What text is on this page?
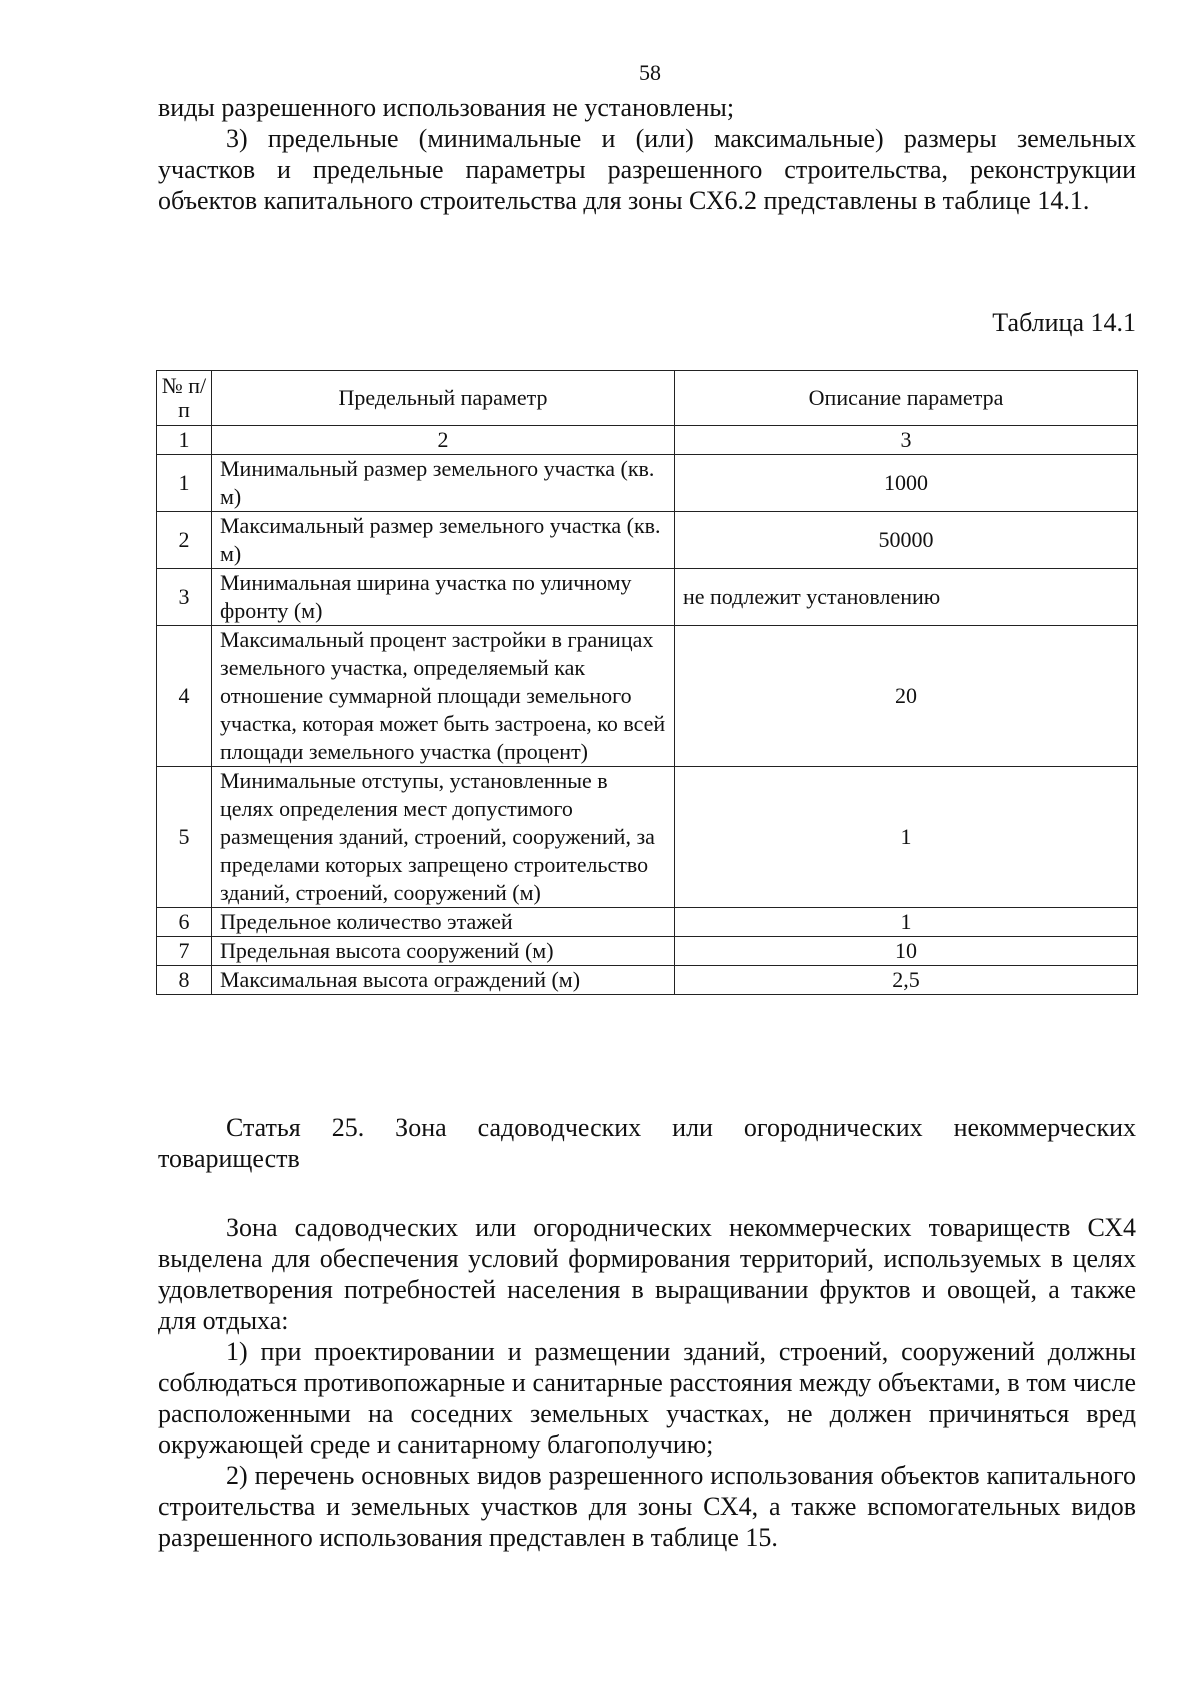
58

виды разрешенного использования не установлены;

3) предельные (минимальные и (или) максимальные) размеры земельных участков и предельные параметры разрешенного строительства, реконструкции объектов капитального строительства для зоны СХ6.2 представлены в таблице 14.1.

Таблица 14.1
№ п/п	Предельный параметр	Описание параметра
1	2	3
1	Минимальный размер земельного участка (кв. м)	1000
2	Максимальный размер земельного участка (кв. м)	50000
3	Минимальная ширина участка по уличному фронту (м)	не подлежит установлению
4	Максимальный процент застройки в границах земельного участка, определяемый как отношение суммарной площади земельного участка, которая может быть застроена, ко всей площади земельного участка (процент)	20
5	Минимальные отступы, установленные в целях определения мест допустимого размещения зданий, строений, сооружений, за пределами которых запрещено строительство зданий, строений, сооружений (м)	1
6	Предельное количество этажей	1
7	Предельная высота сооружений (м)	10
8	Максимальная высота ограждений (м)	2,5

Статья 25. Зона садоводческих или огороднических некоммерческих товариществ

Зона садоводческих или огороднических некоммерческих товариществ СХ4 выделена для обеспечения условий формирования территорий, используемых в целях удовлетворения потребностей населения в выращивании фруктов и овощей, а также для отдыха:

1) при проектировании и размещении зданий, строений, сооружений должны соблюдаться противопожарные и санитарные расстояния между объектами, в том числе расположенными на соседних земельных участках, не должен причиняться вред окружающей среде и санитарному благополучию;

2) перечень основных видов разрешенного использования объектов капитального строительства и земельных участков для зоны СХ4, а также вспомогательных видов разрешенного использования представлен в таблице 15.
